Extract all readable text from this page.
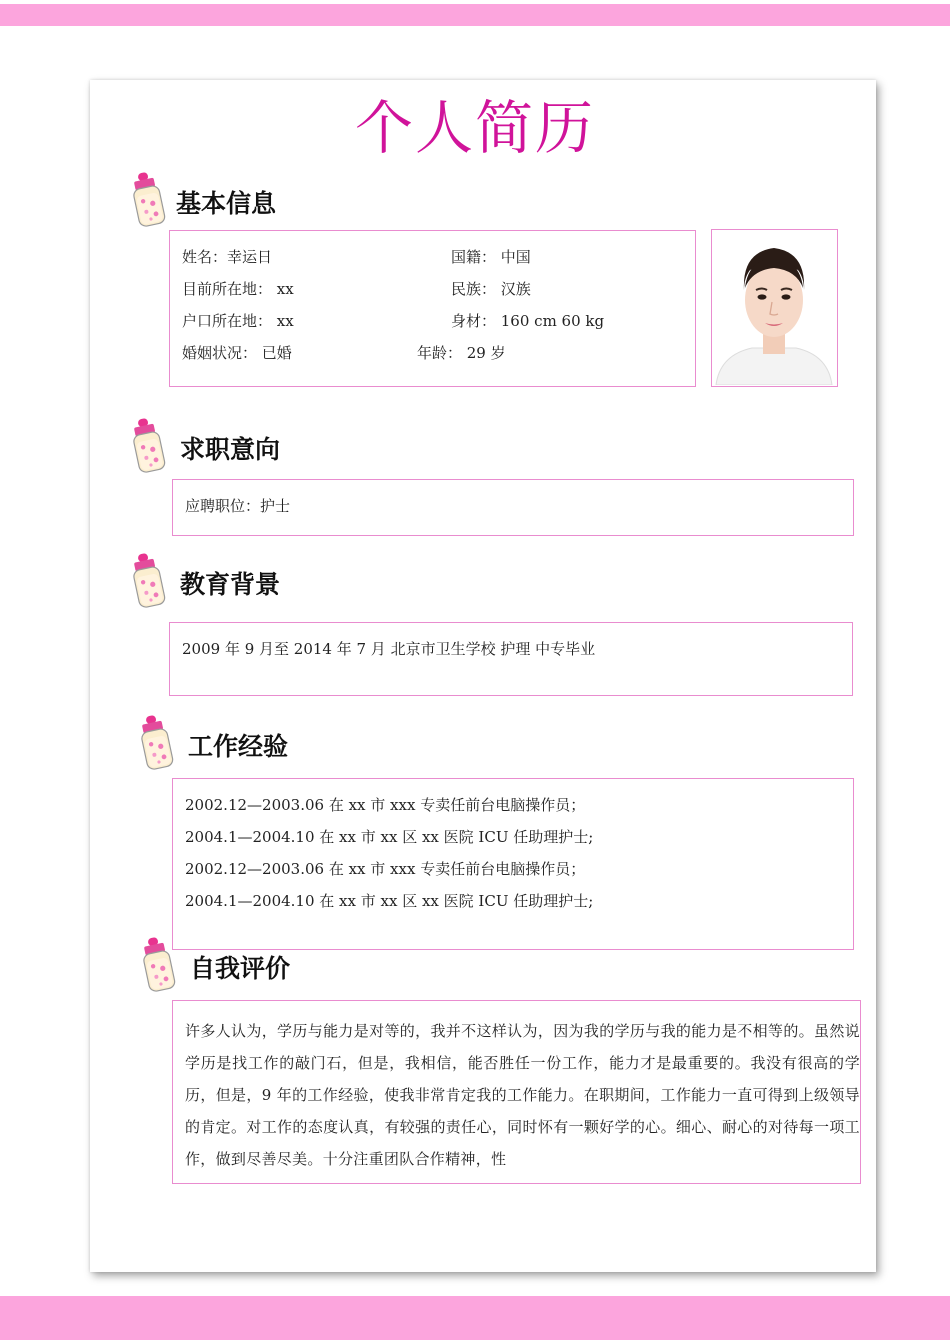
个人简历
基本信息
姓名：幸运日
目前所在地： xx
户口所在地： xx
婚姻状况： 已婚
国籍： 中国
民族： 汉族
身材： 160 cm 60 kg
年龄： 29 岁
求职意向
应聘职位：护士
教育背景
2009 年 9 月至 2014 年 7 月 北京市卫生学校 护理 中专毕业
工作经验
2002.12—2003.06 在 xx 市 xxx 专卖任前台电脑操作员；
2004.1—2004.10 在 xx 市 xx 区 xx 医院 ICU 任助理护士;
2002.12—2003.06 在 xx 市 xxx 专卖任前台电脑操作员；
2004.1—2004.10 在 xx 市 xx 区 xx 医院 ICU 任助理护士;
自我评价
许多人认为，学历与能力是对等的，我并不这样认为，因为我的学历与我的能力是不相等的。虽然说学历是找工作的敲门石，但是，我相信，能否胜任一份工作，能力才是最重要的。我没有很高的学历，但是，9 年的工作经验，使我非常肯定我的工作能力。在职期间，工作能力一直可得到上级领导的肯定。对工作的态度认真，有较强的责任心，同时怀有一颗好学的心。细心、耐心的对待每一项工作，做到尽善尽美。十分注重团队合作精神，性
